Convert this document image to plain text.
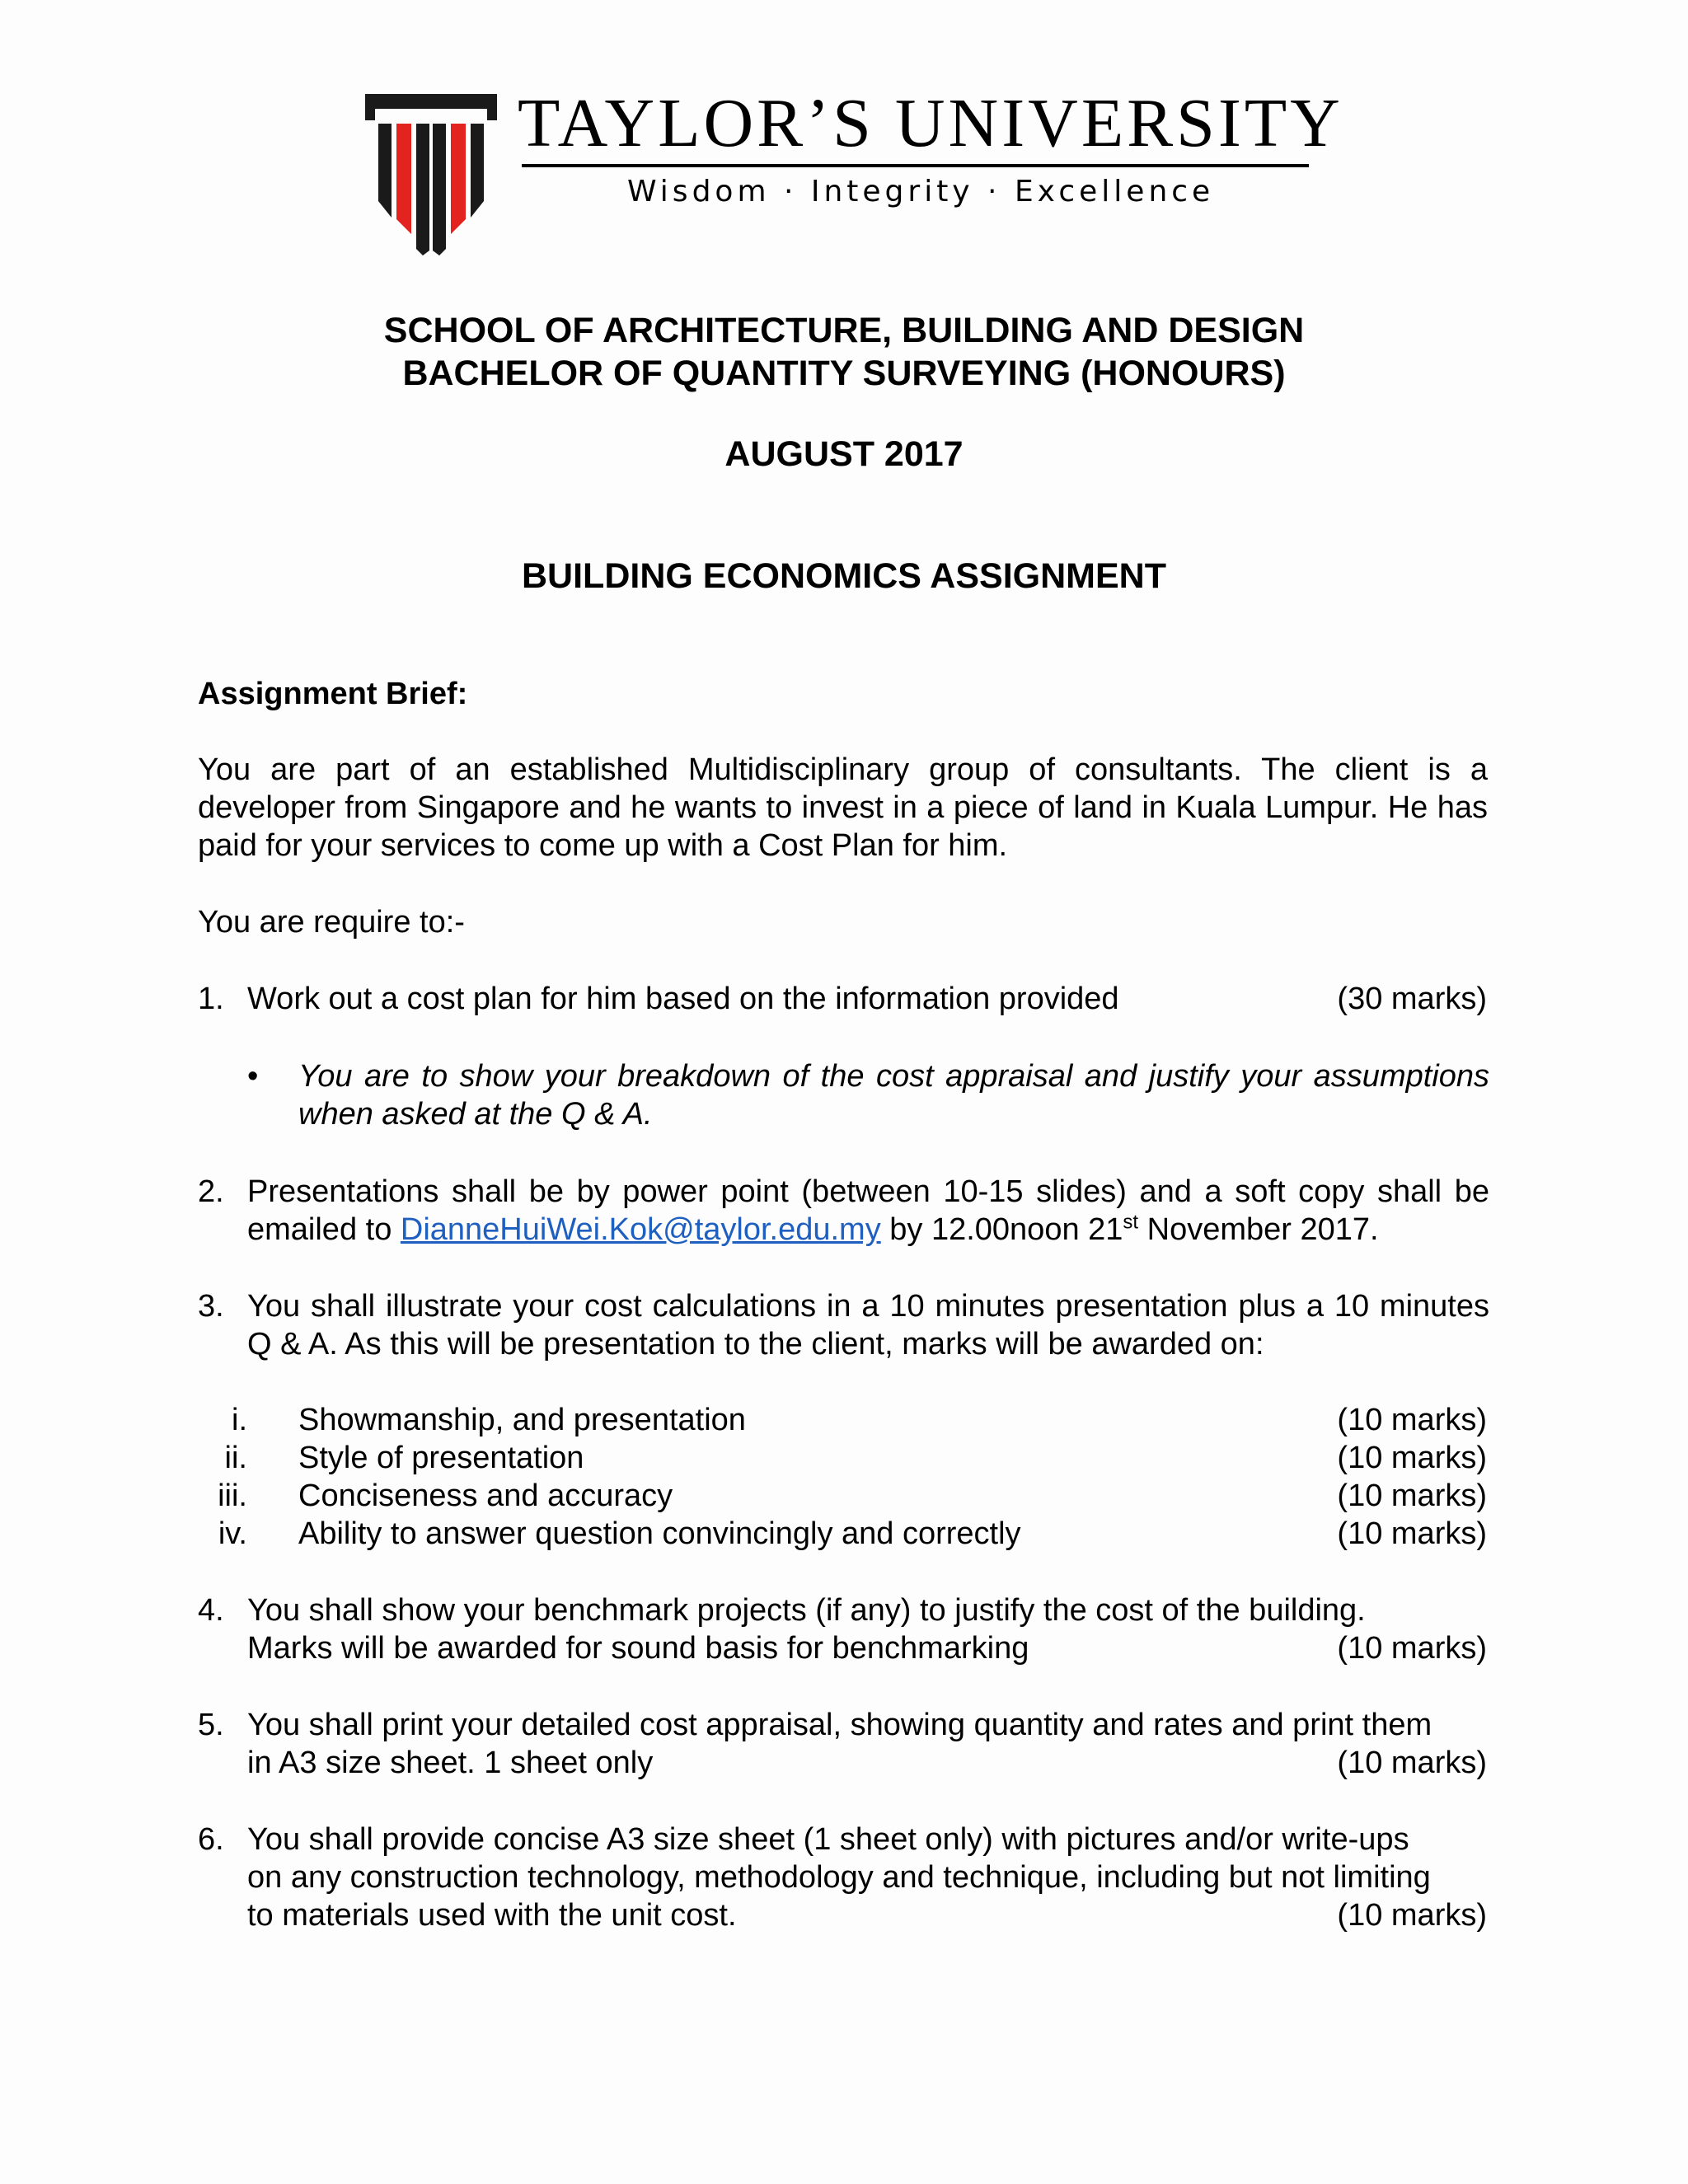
TAYLOR’S UNIVERSITY
Wisdom · Integrity · Excellence
SCHOOL OF ARCHITECTURE, BUILDING AND DESIGN
BACHELOR OF QUANTITY SURVEYING (HONOURS)
AUGUST 2017
BUILDING ECONOMICS ASSIGNMENT
Assignment Brief:
You are part of an established Multidisciplinary group of consultants. The client is a developer from Singapore and he wants to invest in a piece of land in Kuala Lumpur. He has paid for your services to come up with a Cost Plan for him.
You are require to:-
1. Work out a cost plan for him based on the information provided	(30 marks)
• You are to show your breakdown of the cost appraisal and justify your assumptions when asked at the Q & A.
2. Presentations shall be by power point (between 10-15 slides) and a soft copy shall be emailed to DianneHuiWei.Kok@taylor.edu.my by 12.00noon 21st November 2017.
3. You shall illustrate your cost calculations in a 10 minutes presentation plus a 10 minutes Q & A. As this will be presentation to the client, marks will be awarded on:
i. Showmanship, and presentation	(10 marks)
ii. Style of presentation	(10 marks)
iii. Conciseness and accuracy	(10 marks)
iv. Ability to answer question convincingly and correctly	(10 marks)
4. You shall show your benchmark projects (if any) to justify the cost of the building.
Marks will be awarded for sound basis for benchmarking	(10 marks)
5. You shall print your detailed cost appraisal, showing quantity and rates and print them
in A3 size sheet. 1 sheet only	(10 marks)
6. You shall provide concise A3 size sheet (1 sheet only) with pictures and/or write-ups
on any construction technology, methodology and technique, including but not limiting
to materials used with the unit cost.	(10 marks)
